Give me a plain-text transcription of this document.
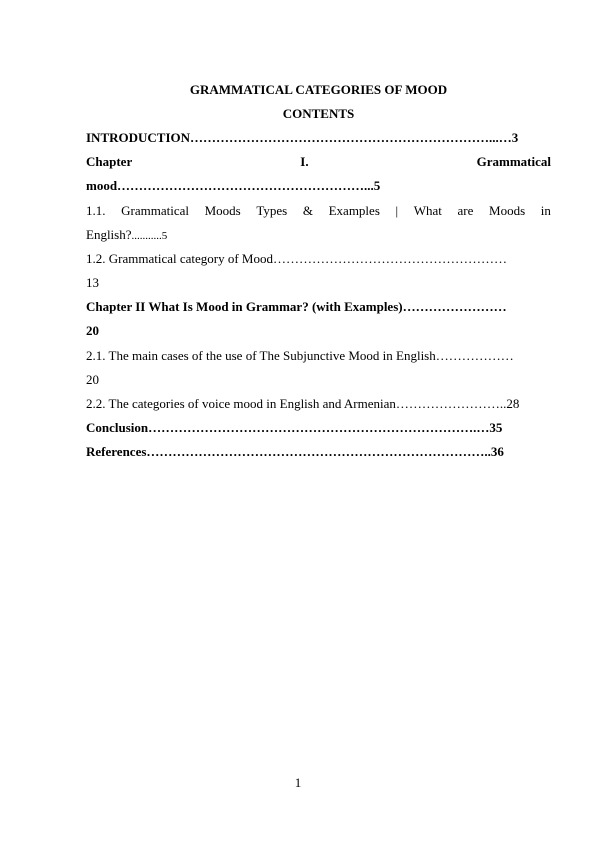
GRAMMATICAL CATEGORIES OF MOOD
CONTENTS
INTRODUCTION……………………………………………………………...…3
Chapter	I.	Grammatical
mood…………………………………………………...5
1.1. Grammatical Moods Types & Examples | What are Moods in
English?...........5
1.2. Grammatical category of Mood………………………………………………
13
Chapter II What Is Mood in Grammar? (with Examples)……………………
20
2.1. The main cases of the use of The Subjunctive Mood in English………………
20
2.2. The categories of voice mood in English and Armenian……………………..28
Conclusion………………………………………………………………….…35
References……………………………………………………………………..36
1
